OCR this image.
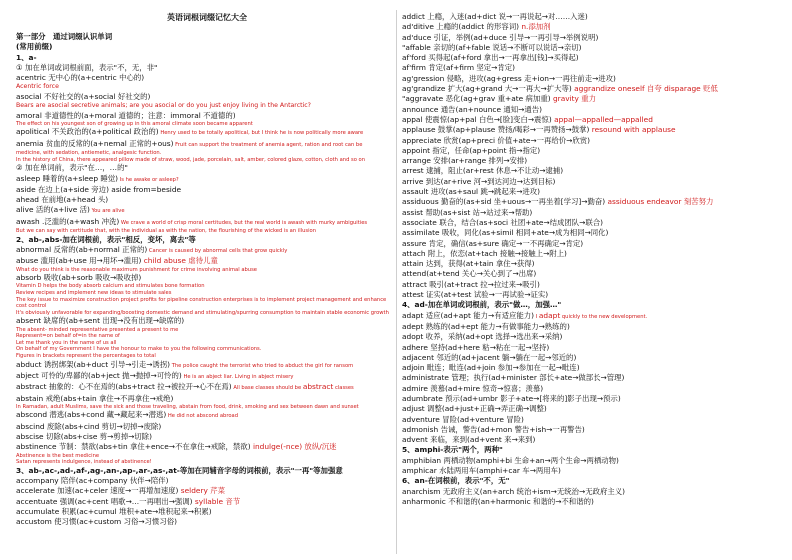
英语词根词缀记忆大全
第一部分　通过词缀认识单词
(常用前缀)
1、a-
① 加在单词或词根前面，表示"不，无，非"
acentric 无中心的(a+centric 中心的)
Acentric force
asocial 不好社交的(a+social 好社交的)
Bears are asocial secretive animals; are you asocial or do you just enjoy living in the Antarctic?
amoral 非道德性的(a+moral 道德的；注意：immoral 不道德的)
The effect on his youngest son of growing up in this amoral climate soon became apparent
apolitical 不关政治的(a+political 政治的) Henry used to be totally apolitical, but I think he is now politically more aware
anemia 贫血的反常的(a+nemal 正常的+ous) Fruit can support the treatment of anemia agent, ration and root can be
medicine, with sedation, antiemetic, analgesic function.
In the history of China, there appeared pillow made of straw, wood, jade, porcelain, salt, amber, colored glaze, cotton, cloth and so on
② 加在单词前，表示"在…，…的"
asleep 睡着的(a+sleep 睡觉) Is he awake or asleep?
aside 在边上(a+side 旁边) aside from=beside
ahead 在前地(a+head 头)
alive 活的(a+live 活) You are alive
awash .泛滥的(a+wash 冲洗) We crave a world of crisp moral certitudes, but the real world is awash with murky ambiguities
But we can say with certitude that, with the individual as with the nation, the flourishing of the wicked is an illusion
2、ab-,abs-加在词根前，表示"相反，变坏，离去"等
abnormal 反常的(ab+normal 正常的) Cancer is caused by abnormal cells that grow quickly
abuse 滥用(ab+use 用→用坏→滥用) child abuse 虐待儿童
What do you think is the reasonable maximum punishment for crime involving animal abuse
absorb 吸收(ab+sorb 吸收→吸收掉)
Vitamin D helps the body absorb calcium and stimulates bone formation
Review recipes and implement new ideas to stimulate sales
The key issue to maximize construction project profits for pipeline construction enterprises is to implement project management and enhance
cost control
It's obviously unfavorable for expanding/boosting domestic demand and stimulating/spurring consumption to maintain stable economic growth
absent 缺席的(ab+sent 出现→没有出现→缺席的)
The absent- minded representative presented a present to me
Represent=on behalf of=in the name of
Let me thank you in the name of us all
On behalf of my Government I have the honour to make to you the following communications.
Figures in brackets represent the percentages to total
abduct 诱拐绑架(ab+duct 引导→引走→诱拐) The police caught the terrorist who tried to abduct the girl for ransom
abject 可怜的/卑鄙的(ab+ject 抛→抛掉→可怜的) He is an abject liar. Living in abject misery
abstract 抽象的：心不在焉的(abs+tract 拉→被拉开→心不在焉) All base classes should be abstract classes
abstain 戒绝(abs+tain 拿住→不再拿住→戒绝)
In Ramadan, adult Muslims, save the sick and those traveling, abstain from food, drink, smoking and sex between dawn and sunset
abscond 潜逃(abs+cond 藏→藏起来→潜逃) He did not abscond abroad
abscind 废除(abs+cind 剪切→切掉→废除)
abscise 切除(abs+cise 剪→剪掉→切除)
abstinence 节制：禁欲(abs+tin 拿住+ence→不在拿住→戒除，禁欲) indulge(-nce) 放纵/沉迷
Abstinence is the best medicine
Satan represents indulgence, instead of abstinence!
3、ab-,ac-,ad-,af-,ag-,an-,ap-,ar-,as-,at-等加在同辅音字母的词根前，表示"一再"等加强意
accompany 陪伴(ac+company 伙伴→陪伴)
accelerate 加速(ac+celer 速度→一再增加速度) seldery 芹菜
accentuate 强调(ac+cent 唱歌→…一再唱出→强调) syllable 音节
accumulate 积累(ac+cumul 堆积+ate→堆积起来→积累)
accustom 使习惯(ac+custom 习俗→习惯习俗)
addict 上瘾，入迷(ad+dict 说→一再说起→对……入迷)
ad'ditive 上瘾的(addict 的形容词) n.添加剂
ad'duce 引证，举例(ad+duce 引导→一再引导→举例说明)
"affable 亲切的(af+fable 说话→不断可以说话→亲切)
af'ford 买得起(af+ford 拿出→一再拿出[钱]→买得起)
af'firm 肯定(af+firm 坚定→肯定)
ag'gression 侵略，进攻(ag+gress 走+ion→一再往前走→进攻)
ag'grandize 扩大(ag+grand 大→一再大→扩大等) aggrandize oneself 自夸 disparage 贬低
"aggravate 恶化(ag+grav 重+ate 病加重) gravity 重力
announce 通告(an+nounce 通知→通告)
appal 使震惊(ap+pal 白色→[脸]变白→震惊) appal—appalled—appalled
applause 鼓掌(ap+plause 赞扬/喝彩→一再赞扬→鼓掌) resound with applause
appreciate 欣赏(ap+preci 价值+ate→一再给价→欣赏)
appoint 指定，任命(ap+point 指→指定)
arrange 安排(ar+range 排列→安排)
arrest 逮捕，阻止(ar+rest 休息→不让动→逮捕)
arrive 到达(ar+rive 河→到达河边→达到目标)
assault 进攻(as+saul 跳→跳起来→进攻)
assiduous 勤奋的(as+sid 坐+uous→一再坐着[学习]→勤奋) assiduous endeavor 刻苦努力
assist 帮助(as+sist 站→站过来→帮助)
associate 联合，结合(as+soci 社团+ate→结成团队→联合)
assimilate 吸收，同化(as+simil 相同+ate→成为相同→同化)
assure 肯定，确信(as+sure 确定→一不再确定→肯定)
attach 附上，依恋(at+tach 接触→接触上→附上)
attain 达到，获得(at+tain 拿住→获得)
attend(at+tend 关心→关心到了→出席)
attract 吸引(at+tract 拉→拉过来→吸引)
attest 证实(at+test 试验→一再试验→证实)
4、ad-加在单词或词根前，表示"做…，加强…"
adapt 适应(ad+apt 能力→有适应能力) I adapt quickly to the new development.
adept 熟练的(ad+ept 能力→有做事能力→熟练的)
adopt 收养，采纳(ad+opt 选择→选出来→采纳)
adhere 坚持(ad+here 粘→粘在一起→坚持)
adjacent 邻近的(ad+jacent 躺→躺在一起→邻近的)
adjoin 毗连；毗连(ad+join 参加→参加在一起→毗连)
administrate 管理；执行(ad+minister 部长+ate→做部长→管理)
admire 羡慕(ad+mire 惊奇→惊喜；羡慕)
adumbrate 预示(ad+umbr 影子+ate→[将来的]影子出现→预示)
adjust 调整(ad+just+正确→弄正确→调整)
adventure 冒险(ad+venture 冒险)
admonish 告诫，警告(ad+mon 警告+ish→一再警告)
advent 来临，来到(ad+vent 来→来到)
5、amphi-表示"两个，两种"
amphibian 两栖动物(amphi+bi 生命+an→两个生命→两栖动物)
amphicar 水陆两用车(amphi+car 车→两用车)
6、an-在词根前，表示"不，无"
anarchism 无政府主义(an+arch 统治+ism→无统治→无政府主义)
anharmonic 不和谐的(an+harmonic 和谐的→不和谐的)
